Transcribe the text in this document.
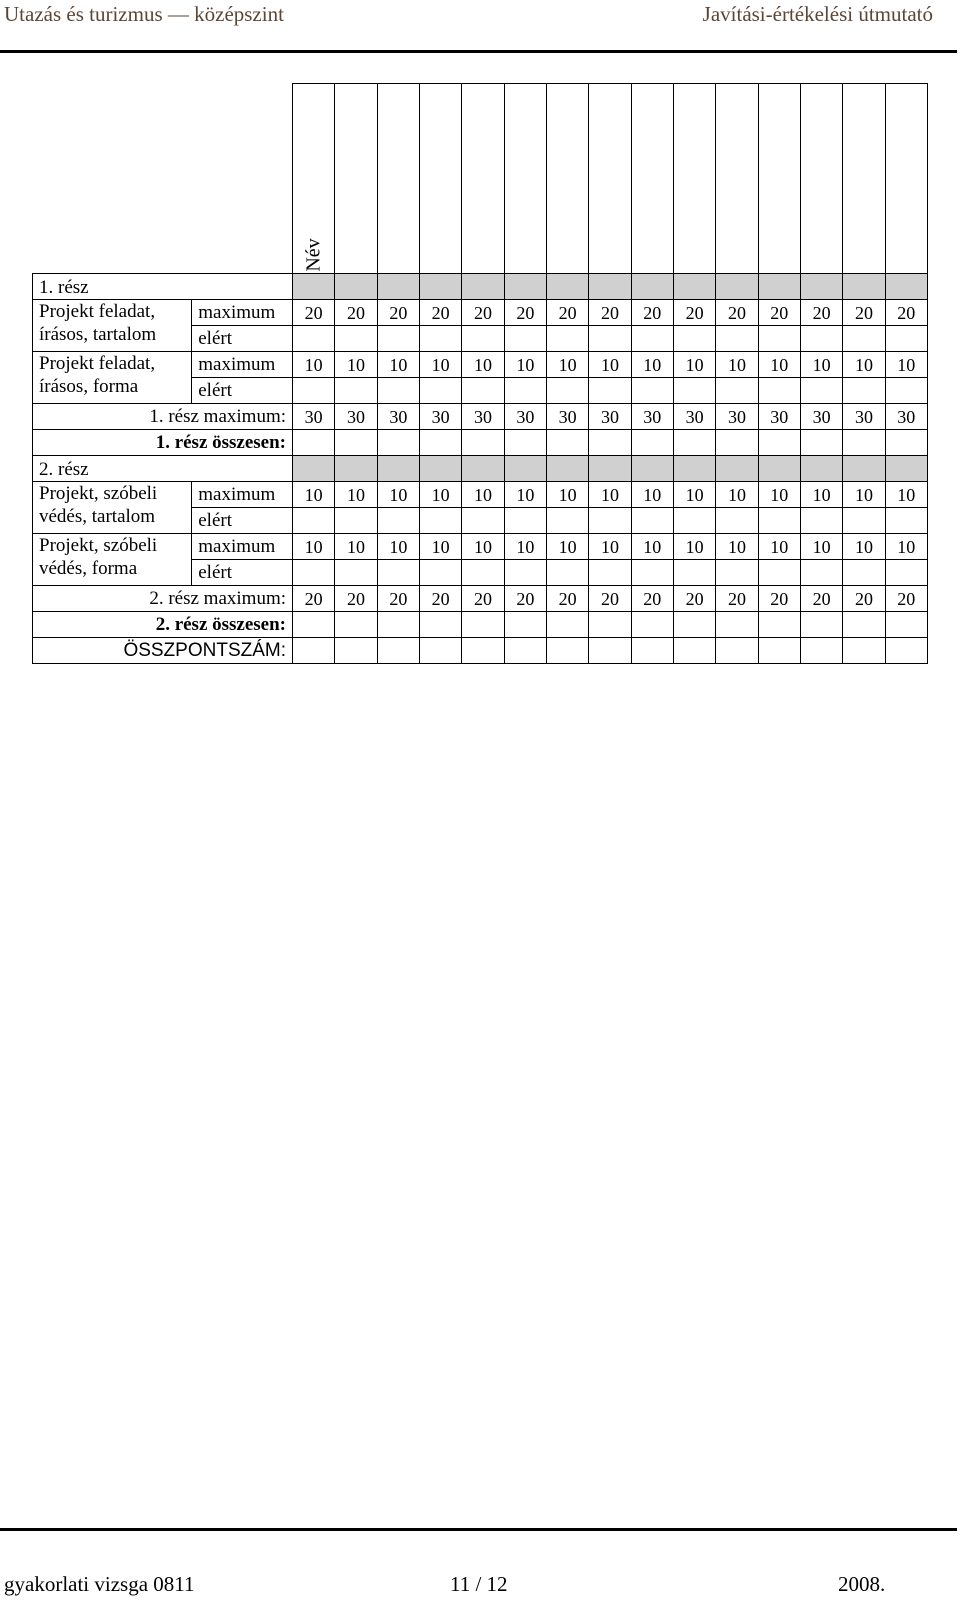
Utazás és turizmus — középszint	Javítási-értékelési útmutató
		Név														
1. rész																
Projekt feladat, írásos, tartalom	maximum	20	20	20	20	20	20	20	20	20	20	20	20	20	20	20
	elért															
Projekt feladat, írásos, forma	maximum	10	10	10	10	10	10	10	10	10	10	10	10	10	10	10
	elért															
1. rész maximum:		30	30	30	30	30	30	30	30	30	30	30	30	30	30	30
1. rész összesen:																
2. rész																
Projekt, szóbeli védés, tartalom	maximum	10	10	10	10	10	10	10	10	10	10	10	10	10	10	10
	elért															
Projekt, szóbeli védés, forma	maximum	10	10	10	10	10	10	10	10	10	10	10	10	10	10	10
	elért															
2. rész maximum:		20	20	20	20	20	20	20	20	20	20	20	20	20	20	20
2. rész összesen:																
ÖSSZPONTSZÁM:																
gyakorlati vizsga 0811	11 / 12	2008.
